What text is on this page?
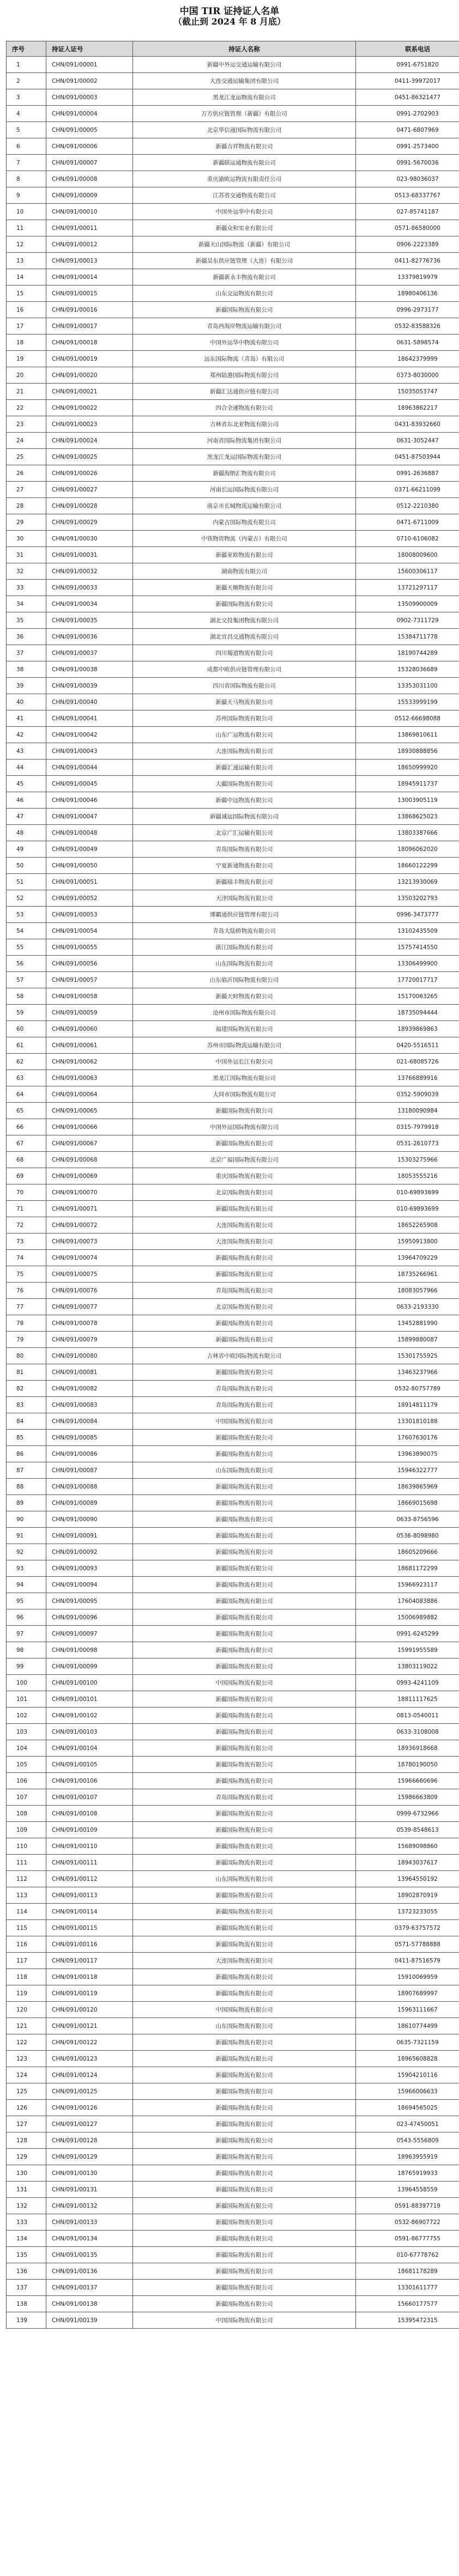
中国 TIR 证持证人名单
（截止到 2024 年 8 月底）
序号	持证人证号	持证人名称	联系电话
1	CHN/091/00001	新疆中外运交通运输有限公司	0991-6751820
2	CHN/091/00002	大连交通运输集团有限公司	0411-39972017
3	CHN/091/00003	黑龙江龙运物流有限公司	0451-86321477
4	CHN/091/00004	万方供应链管理（新疆）有限公司	0991-2702903
5	CHN/091/00005	北京华信通国际物流有限公司	0471-6807969
6	CHN/091/00006	新疆吉祥物流有限公司	0991-2573400
7	CHN/091/00007	新疆联运通物流有限公司	0991-5670036
8	CHN/091/00008	重庆渝欧运物流有限责任公司	023-98036037
9	CHN/091/00009	江苏省交通物流有限公司	0513-68337767
10	CHN/091/00010	中国外运华中有限公司	027-85741187
11	CHN/091/00011	新疆众和实业有限公司	0571-86580000
12	CHN/091/00012	新疆天山国际物流（新疆）有限公司	0906-2223389
13	CHN/091/00013	新疆昊东供应链管理（大连）有限公司	0411-82776736
14	CHN/091/00014	新疆新永丰物流有限公司	13379819979
15	CHN/091/00015	山东交运物流有限公司	18980406136
16	CHN/091/00016	新疆国际物流有限公司	0996-2973177
17	CHN/091/00017	青岛西海岸物流运输有限公司	0532-83588326
18	CHN/091/00018	中国外运华中物流有限公司	0631-5898574
19	CHN/091/00019	远东国际物流（青岛）有限公司	18642379999
20	CHN/091/00020	郑州陆港国际物流有限公司	0373-8030000
21	CHN/091/00021	新疆汇达通供应链有限公司	15035053747
22	CHN/091/00022	四合全速物流有限公司	18963862217
23	CHN/091/00023	吉林省东北亚物流有限公司	0431-83932660
24	CHN/091/00024	河南省国际物流集团有限公司	0631-3052447
25	CHN/091/00025	黑龙江龙运国际物流有限公司	0451-87503944
26	CHN/091/00026	新疆海纳汇物流有限公司	0991-2636887
27	CHN/091/00027	河南长运国际物流有限公司	0371-66211099
28	CHN/091/00028	南京市长城物流运输有限公司	0512-2210380
29	CHN/091/00029	内蒙古国际物流有限公司	0471-6711009
30	CHN/091/00030	中铁物资物流（内蒙古）有限公司	0710-6106082
31	CHN/091/00031	新疆亚欧物流有限公司	18008009600
32	CHN/091/00032	湖南物流有限公司	15600306117
33	CHN/091/00033	新疆天顺物流有限公司	13721297117
34	CHN/091/00034	新疆国际物流有限公司	13509900009
35	CHN/091/00035	湖北交投集团物流有限公司	0902-7311729
36	CHN/091/00036	湖北宜昌交通物流有限公司	15384711778
37	CHN/091/00037	四川蜀道物流有限公司	18190744289
38	CHN/091/00038	成都中欧供应链管理有限公司	15328036689
39	CHN/091/00039	四川省国际物流有限公司	13353031100
40	CHN/091/00040	新疆天马物流有限公司	15533999199
41	CHN/091/00041	苏州国际物流有限公司	0512-66698088
42	CHN/091/00042	山东广运物流有限公司	13869810611
43	CHN/091/00043	大连国际物流有限公司	18930888856
44	CHN/091/00044	新疆汇通运输有限公司	18650999920
45	CHN/091/00045	大疆国际物流有限公司	18945911737
46	CHN/091/00046	新疆中远物流有限公司	13003905119
47	CHN/091/00047	新疆诚远国际物流有限公司	13868625023
48	CHN/091/00048	北京广汇运输有限公司	13803387666
49	CHN/091/00049	青岛国际物流有限公司	18096062020
50	CHN/091/00050	宁夏新通物流有限公司	18660122299
51	CHN/091/00051	新疆瑞丰物流有限公司	13213930069
52	CHN/091/00052	天津国际物流有限公司	13503202793
53	CHN/091/00053	博霸通供应链管理有限公司	0996-3473777
54	CHN/091/00054	青岛大陆桥物流有限公司	13102435509
55	CHN/091/00055	浙江国际物流有限公司	15757414550
56	CHN/091/00056	山东国际物流有限公司	13306499900
57	CHN/091/00057	山东临沂国际物流有限公司	17720017717
58	CHN/091/00058	新疆天时物流有限公司	15170063265
59	CHN/091/00059	沧州市国际物流有限公司	18735094444
60	CHN/091/00060	福建国际物流有限公司	18939869863
61	CHN/091/00061	苏州市国际物流运输有限公司	0420-5516511
62	CHN/091/00062	中国外运长江有限公司	021-68085726
63	CHN/091/00063	黑龙江国际物流有限公司	13766889916
64	CHN/091/00064	大同市国际物流有限公司	0352-5909039
65	CHN/091/00065	新疆国际物流有限公司	13180090984
66	CHN/091/00066	中国外运国际物流有限公司	0315-7979918
67	CHN/091/00067	新疆国际物流有限公司	0531-2610773
68	CHN/091/00068	北京广福国际物流有限公司	15303275966
69	CHN/091/00069	重庆国际物流有限公司	18053555216
70	CHN/091/00070	北京国际物流有限公司	010-69893699
71	CHN/091/00071	新疆国际物流有限公司	010-69893699
72	CHN/091/00072	大连国际物流有限公司	18652265908
73	CHN/091/00073	大连国际物流有限公司	15950913800
74	CHN/091/00074	新疆国际物流有限公司	13964709229
75	CHN/091/00075	新疆国际物流有限公司	18735266961
76	CHN/091/00076	青岛国际物流有限公司	18083057966
77	CHN/091/00077	北京国际物流有限公司	0633-2193330
78	CHN/091/00078	新疆国际物流有限公司	13452881990
79	CHN/091/00079	新疆国际物流有限公司	15899880087
80	CHN/091/00080	吉林省中欧国际物流有限公司	15301755925
81	CHN/091/00081	新疆国际物流有限公司	13463237966
82	CHN/091/00082	青岛国际物流有限公司	0532-80757789
83	CHN/091/00083	青岛国际物流有限公司	18914811179
84	CHN/091/00084	中国国际物流有限公司	13301810188
85	CHN/091/00085	新疆国际物流有限公司	17607630176
86	CHN/091/00086	新疆国际物流有限公司	13963890075
87	CHN/091/00087	山东国际物流有限公司	15946322777
88	CHN/091/00088	新疆国际物流有限公司	18639865969
89	CHN/091/00089	新疆国际物流有限公司	18669015698
90	CHN/091/00090	新疆国际物流有限公司	0633-8756596
91	CHN/091/00091	新疆国际物流有限公司	0536-8098980
92	CHN/091/00092	新疆国际物流有限公司	18605209666
93	CHN/091/00093	新疆国际物流有限公司	18681172299
94	CHN/091/00094	新疆国际物流有限公司	15966923117
95	CHN/091/00095	新疆国际物流有限公司	17604083886
96	CHN/091/00096	新疆国际物流有限公司	15006989882
97	CHN/091/00097	新疆国际物流有限公司	0991-6245299
98	CHN/091/00098	新疆国际物流有限公司	15991955589
99	CHN/091/00099	新疆国际物流有限公司	13803119022
100	CHN/091/00100	中国国际物流有限公司	0993-4241109
101	CHN/091/00101	新疆国际物流有限公司	18811117625
102	CHN/091/00102	新疆国际物流有限公司	0813-0540011
103	CHN/091/00103	新疆国际物流有限公司	0633-3108008
104	CHN/091/00104	新疆国际物流有限公司	18936918668
105	CHN/091/00105	新疆国际物流有限公司	18780190050
106	CHN/091/00106	新疆国际物流有限公司	15966660696
107	CHN/091/00107	青岛国际物流有限公司	15986663809
108	CHN/091/00108	新疆国际物流有限公司	0999-6732966
109	CHN/091/00109	新疆国际物流有限公司	0539-8548613
110	CHN/091/00110	新疆国际物流有限公司	15689098860
111	CHN/091/00111	新疆国际物流有限公司	18943037617
112	CHN/091/00112	山东国际物流有限公司	13964550192
113	CHN/091/00113	新疆国际物流有限公司	18902870919
114	CHN/091/00114	新疆国际物流有限公司	13723233055
115	CHN/091/00115	新疆国际物流有限公司	0379-63757572
116	CHN/091/00116	新疆国际物流有限公司	0571-57788888
117	CHN/091/00117	大连国际物流有限公司	0411-87516579
118	CHN/091/00118	新疆国际物流有限公司	15910069959
119	CHN/091/00119	新疆国际物流有限公司	18907689997
120	CHN/091/00120	中国国际物流有限公司	15963111667
121	CHN/091/00121	山东国际物流有限公司	18610774499
122	CHN/091/00122	新疆国际物流有限公司	0635-7321159
123	CHN/091/00123	新疆国际物流有限公司	18965608828
124	CHN/091/00124	新疆国际物流有限公司	15904210116
125	CHN/091/00125	新疆国际物流有限公司	15966006633
126	CHN/091/00126	新疆国际物流有限公司	18694565025
127	CHN/091/00127	新疆国际物流有限公司	023-47450051
128	CHN/091/00128	新疆国际物流有限公司	0543-5556809
129	CHN/091/00129	新疆国际物流有限公司	18963955919
130	CHN/091/00130	新疆国际物流有限公司	18765919933
131	CHN/091/00131	新疆国际物流有限公司	13964558559
132	CHN/091/00132	新疆国际物流有限公司	0591-88397719
133	CHN/091/00133	新疆国际物流有限公司	0532-86907722
134	CHN/091/00134	新疆国际物流有限公司	0591-86777755
135	CHN/091/00135	新疆国际物流有限公司	010-67778762
136	CHN/091/00136	新疆国际物流有限公司	18681178289
137	CHN/091/00137	新疆国际物流有限公司	13301611777
138	CHN/091/00138	新疆国际物流有限公司	15660177577
139	CHN/091/00139	中国国际物流有限公司	15395472315
